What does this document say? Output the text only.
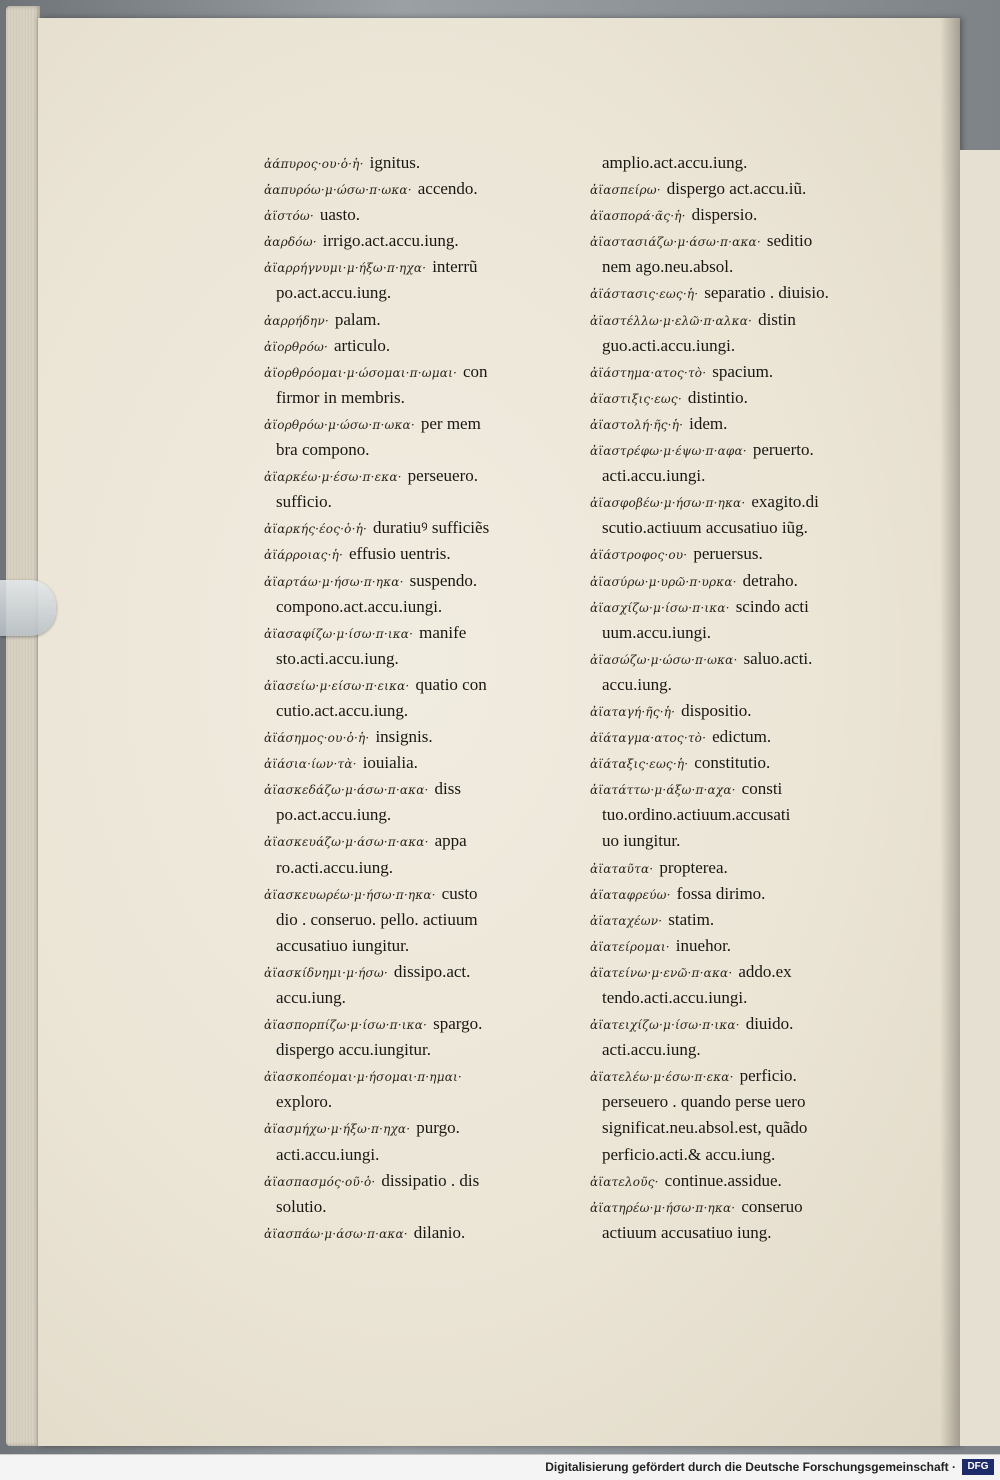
ἀάπυρος·ου·ὁ·ἡ· ignitus.
ἀαπυρόω·μ·ώσω·π·ωκα· accendo.
ἀϊστόω· uasto.
ἀαρδόω· irrigo.act.accu.iung.
ἀϊαρρήγνυμι·μ·ήξω·π·ηχα· interrũ
po.act.accu.iung.
ἀαρρήδην· palam.
ἀϊορθρόω· articulo.
ἀϊορθρόομαι·μ·ώσομαι·π·ωμαι· con
firmor in membris.
ἀϊορθρόω·μ·ώσω·π·ωκα· per mem
bra compono.
ἀϊαρκέω·μ·έσω·π·εκα· perseuero.
sufficio.
ἀϊαρκής·έος·ὁ·ἡ· duratiuꝰ sufficiẽs
ἀϊάρροιας·ἡ· effusio uentris.
ἀϊαρτάω·μ·ήσω·π·ηκα· suspendo.
compono.act.accu.iungi.
ἀϊασαφίζω·μ·ίσω·π·ικα· manife
sto.acti.accu.iung.
ἀϊασείω·μ·είσω·π·εικα· quatio con
cutio.act.accu.iung.
ἀϊάσημος·ου·ὁ·ἡ· insignis.
ἀϊάσια·ίων·τὰ· iouialia.
ἀϊασκεδάζω·μ·άσω·π·ακα· diss
po.act.accu.iung.
ἀϊασκευάζω·μ·άσω·π·ακα· appa
ro.acti.accu.iung.
ἀϊασκευωρέω·μ·ήσω·π·ηκα· custo
dio . conseruo. pello. actiuum
accusatiuo iungitur.
ἀϊασκίδνημι·μ·ήσω· dissipo.act.
accu.iung.
ἀϊασπορπίζω·μ·ίσω·π·ικα· spargo.
dispergo accu.iungitur.
ἀϊασκοπέομαι·μ·ήσομαι·π·ημαι·
exploro.
ἀϊασμήχω·μ·ήξω·π·ηχα· purgo.
acti.accu.iungi.
ἀϊασπασμός·οῦ·ὁ· dissipatio . dis
solutio.
ἀϊασπάω·μ·άσω·π·ακα· dilanio.
amplio.act.accu.iung.
ἀϊασπείρω· dispergo act.accu.iũ.
ἀϊασπορά·ᾶς·ἡ· dispersio.
ἀϊαστασιάζω·μ·άσω·π·ακα· seditio
nem ago.neu.absol.
ἀϊάστασις·εως·ἡ· separatio . diuisio.
ἀϊαστέλλω·μ·ελῶ·π·αλκα· distin
guo.acti.accu.iungi.
ἀϊάστημα·ατος·τὸ· spacium.
ἀϊαστιξις·εως· distintio.
ἀϊαστολή·ῆς·ἡ· idem.
ἀϊαστρέφω·μ·έψω·π·αφα· peruerto.
acti.accu.iungi.
ἀϊασφοβέω·μ·ήσω·π·ηκα· exagito.di
scutio.actiuum accusatiuo iũg.
ἀϊάστροφος·ου· peruersus.
ἀϊασύρω·μ·υρῶ·π·υρκα· detraho.
ἀϊασχίζω·μ·ίσω·π·ικα· scindo acti
uum.accu.iungi.
ἀϊασώζω·μ·ώσω·π·ωκα· saluo.acti.
accu.iung.
ἀϊαταγή·ῆς·ἡ· dispositio.
ἀϊάταγμα·ατος·τὸ· edictum.
ἀϊάταξις·εως·ἡ· constitutio.
ἀϊατάττω·μ·άξω·π·αχα· consti
tuo.ordino.actiuum.accusati
uo iungitur.
ἀϊαταῦτα· propterea.
ἀϊαταφρεύω· fossa dirimo.
ἀϊαταχέων· statim.
ἀϊατείρομαι· inuehor.
ἀϊατείνω·μ·ενῶ·π·ακα· addo.ex
tendo.acti.accu.iungi.
ἀϊατειχίζω·μ·ίσω·π·ικα· diuido.
acti.accu.iung.
ἀϊατελέω·μ·έσω·π·εκα· perficio.
perseuero . quando perse uero
significat.neu.absol.est, quãdo
perficio.acti.& accu.iung.
ἀϊατελοῦς· continue.assidue.
ἀϊατηρέω·μ·ήσω·π·ηκα· conseruo
actiuum accusatiuo iung.
Digitalisierung gefördert durch die Deutsche Forschungsgemeinschaft ·	DFG
